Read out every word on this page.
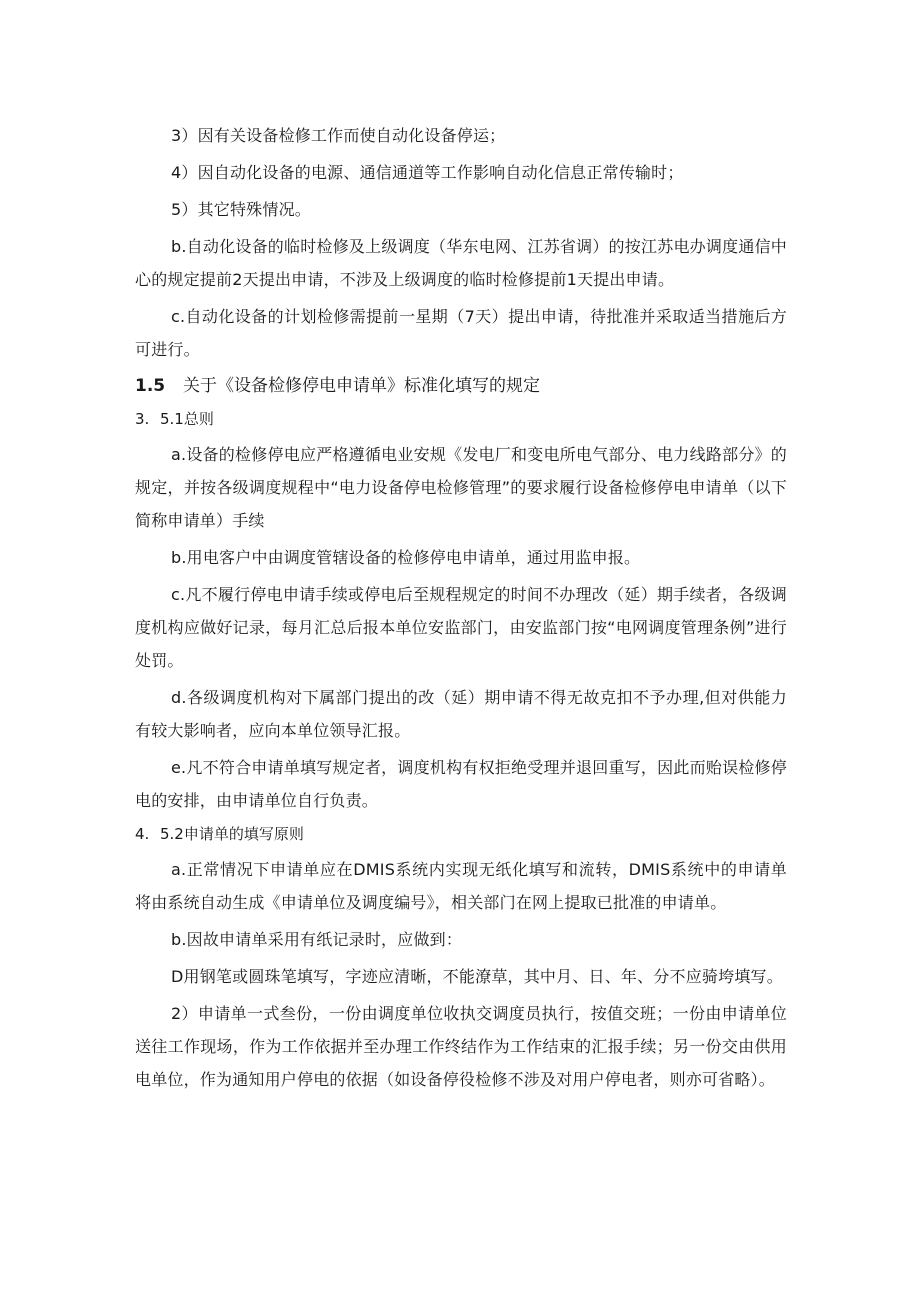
3）因有关设备检修工作而使自动化设备停运；

4）因自动化设备的电源、通信通道等工作影响自动化信息正常传输时；

5）其它特殊情况。

b.自动化设备的临时检修及上级调度（华东电网、江苏省调）的按江苏电办调度通信中心的规定提前2天提出申请，不涉及上级调度的临时检修提前1天提出申请。

c.自动化设备的计划检修需提前一星期（7天）提出申请，待批准并采取适当措施后方可进行。

1.5	关于《设备检修停电申请单》标准化填写的规定
3. 5.1总则

a.设备的检修停电应严格遵循电业安规《发电厂和变电所电气部分、电力线路部分》的规定，并按各级调度规程中“电力设备停电检修管理”的要求履行设备检修停电申请单（以下简称申请单）手续

b.用电客户中由调度管辖设备的检修停电申请单，通过用监申报。

c.凡不履行停电申请手续或停电后至规程规定的时间不办理改（延）期手续者，各级调度机构应做好记录，每月汇总后报本单位安监部门，由安监部门按“电网调度管理条例”进行处罚。

d.各级调度机构对下属部门提出的改（延）期申请不得无故克扣不予办理,但对供能力有较大影响者，应向本单位领导汇报。

e.凡不符合申请单填写规定者，调度机构有权拒绝受理并退回重写，因此而贻误检修停电的安排，由申请单位自行负责。

4. 5.2申请单的填写原则

a.正常情况下申请单应在DMIS系统内实现无纸化填写和流转，DMIS系统中的申请单将由系统自动生成《申请单位及调度编号》，相关部门在网上提取已批准的申请单。

b.因故申请单采用有纸记录时，应做到：

D用钢笔或圆珠笔填写，字迹应清晰，不能潦草，其中月、日、年、分不应骑垮填写。

2）申请单一式叁份，一份由调度单位收执交调度员执行，按值交班；一份由申请单位送往工作现场，作为工作依据并至办理工作终结作为工作结束的汇报手续；另一份交由供用电单位，作为通知用户停电的依据（如设备停役检修不涉及对用户停电者，则亦可省略）。
